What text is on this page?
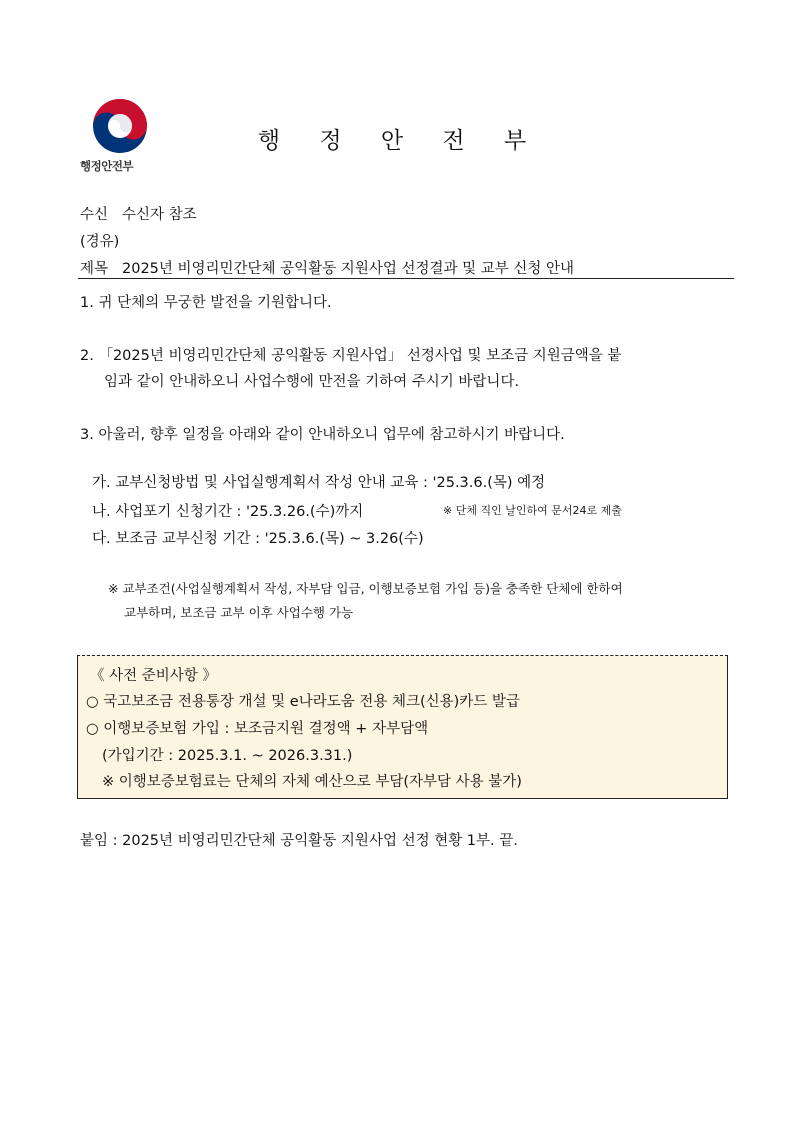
행정안전부
행 정 안 전 부
수신 수신자 참조
(경유)
제목 2025년 비영리민간단체 공익활동 지원사업 선정결과 및 교부 신청 안내
1. 귀 단체의 무궁한 발전을 기원합니다.
2. 「2025년 비영리민간단체 공익활동 지원사업」 선정사업 및 보조금 지원금액을 붙
임과 같이 안내하오니 사업수행에 만전을 기하여 주시기 바랍니다.
3. 아울러, 향후 일정을 아래와 같이 안내하오니 업무에 참고하시기 바랍니다.
가. 교부신청방법 및 사업실행계획서 작성 안내 교육 : '25.3.6.(목) 예정
나. 사업포기 신청기간 : '25.3.26.(수)까지	※ 단체 직인 날인하여 문서24로 제출
다. 보조금 교부신청 기간 : '25.3.6.(목) ~ 3.26(수)
※ 교부조건(사업실행계획서 작성, 자부담 입금, 이행보증보험 가입 등)을 충족한 단체에 한하여
교부하며, 보조금 교부 이후 사업수행 가능
《 사전 준비사항 》
○ 국고보조금 전용통장 개설 및 e나라도움 전용 체크(신용)카드 발급
○ 이행보증보험 가입 : 보조금지원 결정액 + 자부담액
(가입기간 : 2025.3.1. ~ 2026.3.31.)
※ 이행보증보험료는 단체의 자체 예산으로 부담(자부담 사용 불가)
붙임 : 2025년 비영리민간단체 공익활동 지원사업 선정 현황 1부. 끝.
